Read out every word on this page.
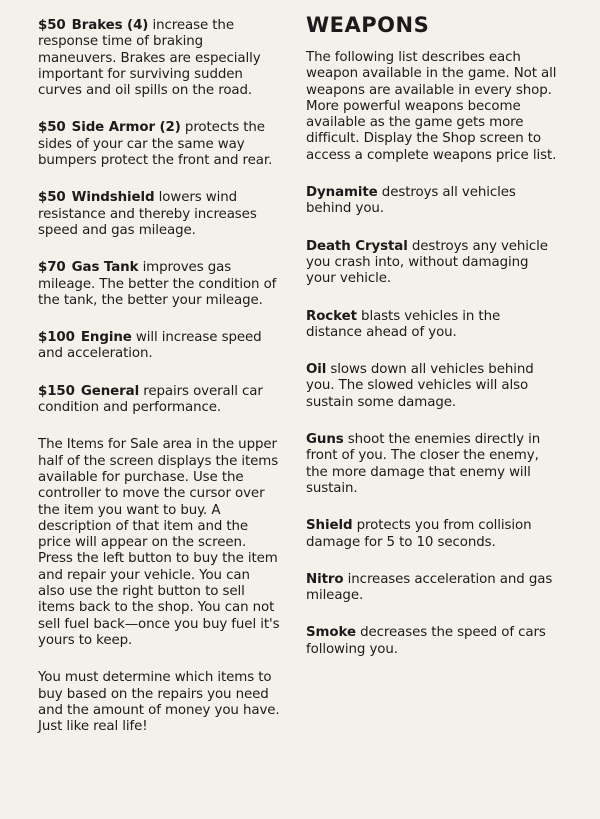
$50 Brakes (4) increase the response time of braking maneuvers. Brakes are especially important for surviving sudden curves and oil spills on the road.

$50 Side Armor (2) protects the sides of your car the same way bumpers protect the front and rear.

$50 Windshield lowers wind resistance and thereby increases speed and gas mileage.

$70 Gas Tank improves gas mileage. The better the condition of the tank, the better your mileage.

$100 Engine will increase speed and acceleration.

$150 General repairs overall car condition and performance.

The Items for Sale area in the upper half of the screen displays the items available for purchase. Use the controller to move the cursor over the item you want to buy. A description of that item and the price will appear on the screen. Press the left button to buy the item and repair your vehicle. You can also use the right button to sell items back to the shop. You can not sell fuel back—once you buy fuel it's yours to keep.

You must determine which items to buy based on the repairs you need and the amount of money you have. Just like real life!

WEAPONS

The following list describes each weapon available in the game. Not all weapons are available in every shop. More powerful weapons become available as the game gets more difficult. Display the Shop screen to access a complete weapons price list.

Dynamite destroys all vehicles behind you.

Death Crystal destroys any vehicle you crash into, without damaging your vehicle.

Rocket blasts vehicles in the distance ahead of you.

Oil slows down all vehicles behind you. The slowed vehicles will also sustain some damage.

Guns shoot the enemies directly in front of you. The closer the enemy, the more damage that enemy will sustain.

Shield protects you from collision damage for 5 to 10 seconds.

Nitro increases acceleration and gas mileage.

Smoke decreases the speed of cars following you.
